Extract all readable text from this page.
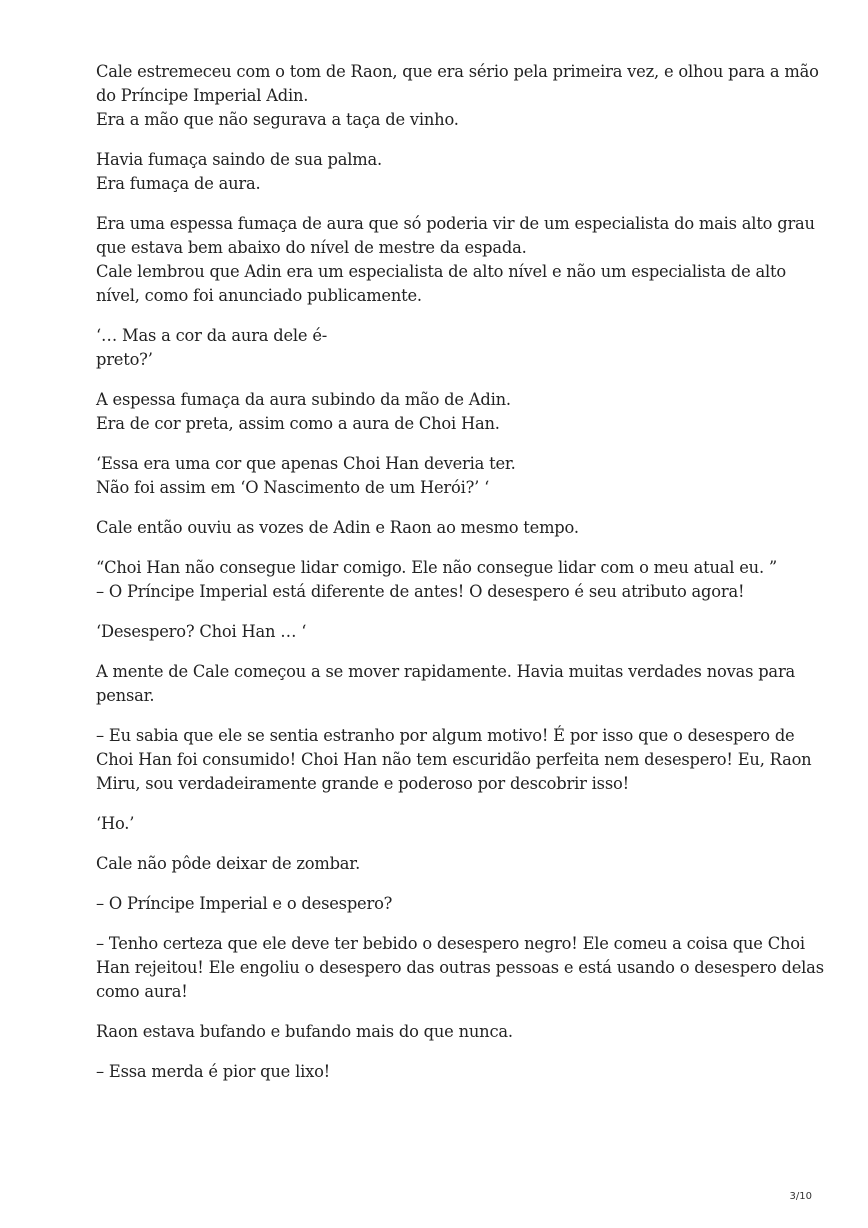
Cale estremeceu com o tom de Raon, que era sério pela primeira vez, e olhou para a mão
do Príncipe Imperial Adin.
Era a mão que não segurava a taça de vinho.

Havia fumaça saindo de sua palma.
Era fumaça de aura.

Era uma espessa fumaça de aura que só poderia vir de um especialista do mais alto grau
que estava bem abaixo do nível de mestre da espada.
Cale lembrou que Adin era um especialista de alto nível e não um especialista de alto
nível, como foi anunciado publicamente.

‘… Mas a cor da aura dele é-
preto?’

A espessa fumaça da aura subindo da mão de Adin.
Era de cor preta, assim como a aura de Choi Han.

‘Essa era uma cor que apenas Choi Han deveria ter.
Não foi assim em ‘O Nascimento de um Herói?’ ‘

Cale então ouviu as vozes de Adin e Raon ao mesmo tempo.

“Choi Han não consegue lidar comigo. Ele não consegue lidar com o meu atual eu. ”
– O Príncipe Imperial está diferente de antes! O desespero é seu atributo agora!

‘Desespero? Choi Han … ‘

A mente de Cale começou a se mover rapidamente. Havia muitas verdades novas para
pensar.

– Eu sabia que ele se sentia estranho por algum motivo! É por isso que o desespero de
Choi Han foi consumido! Choi Han não tem escuridão perfeita nem desespero! Eu, Raon
Miru, sou verdadeiramente grande e poderoso por descobrir isso!

‘Ho.’

Cale não pôde deixar de zombar.

– O Príncipe Imperial e o desespero?

– Tenho certeza que ele deve ter bebido o desespero negro! Ele comeu a coisa que Choi
Han rejeitou! Ele engoliu o desespero das outras pessoas e está usando o desespero delas
como aura!

Raon estava bufando e bufando mais do que nunca.

– Essa merda é pior que lixo!

3/10
